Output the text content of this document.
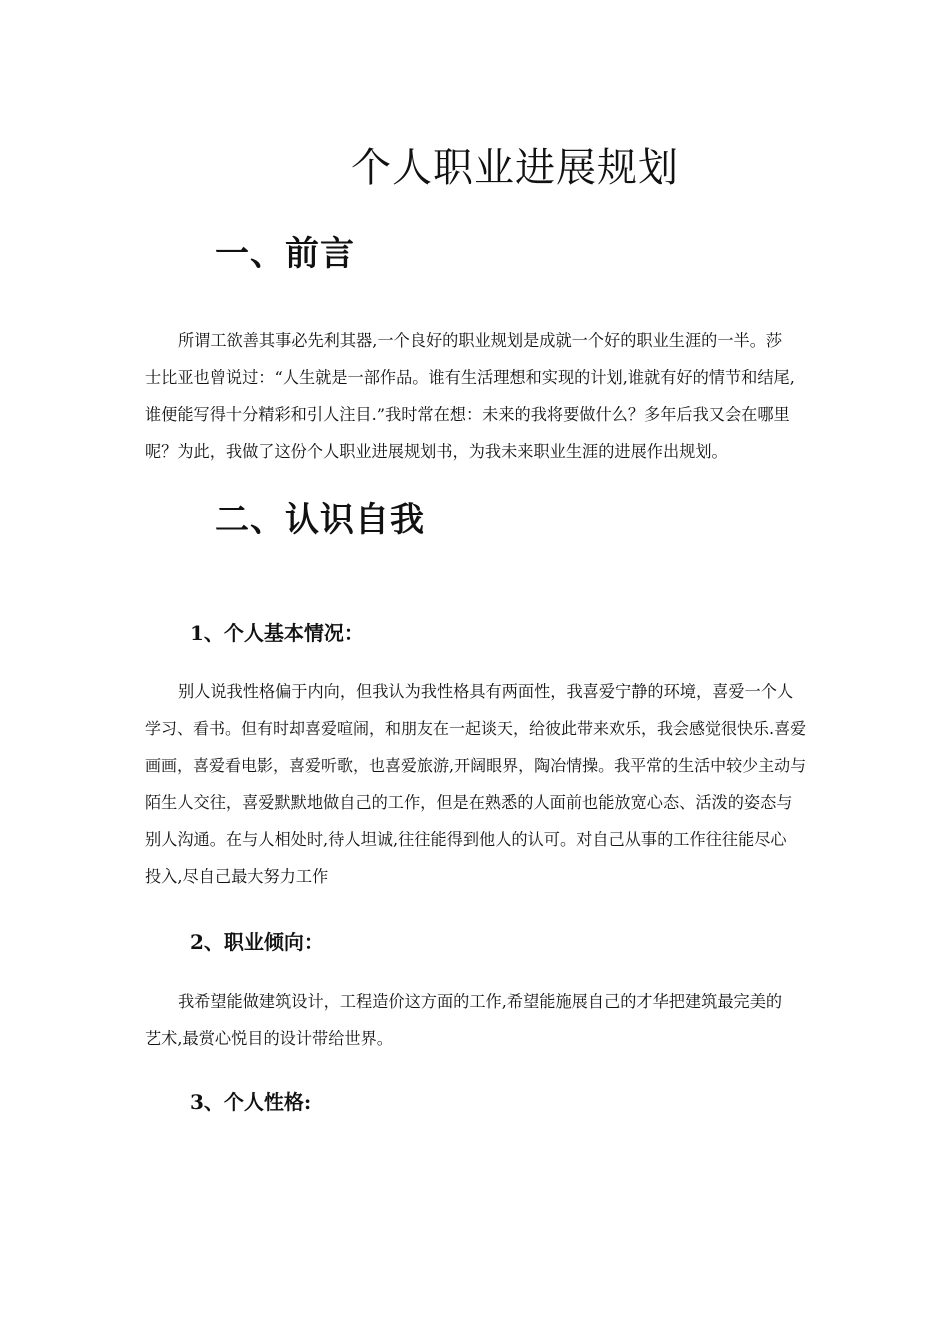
个人职业进展规划
一、前言
所谓工欲善其事必先利其器,一个良好的职业规划是成就一个好的职业生涯的一半。莎
士比亚也曾说过：“人生就是一部作品。谁有生活理想和实现的计划,谁就有好的情节和结尾,
谁便能写得十分精彩和引人注目.”我时常在想：未来的我将要做什么？多年后我又会在哪里
呢？为此，我做了这份个人职业进展规划书，为我未来职业生涯的进展作出规划。
二、认识自我
1、个人基本情况：
别人说我性格偏于内向，但我认为我性格具有两面性，我喜爱宁静的环境，喜爱一个人
学习、看书。但有时却喜爱喧闹，和朋友在一起谈天，给彼此带来欢乐，我会感觉很快乐.喜爱
画画，喜爱看电影，喜爱听歌，也喜爱旅游,开阔眼界，陶冶情操。我平常的生活中较少主动与
陌生人交往，喜爱默默地做自己的工作，但是在熟悉的人面前也能放宽心态、活泼的姿态与
别人沟通。在与人相处时,待人坦诚,往往能得到他人的认可。对自己从事的工作往往能尽心
投入,尽自己最大努力工作
2、职业倾向：
我希望能做建筑设计，工程造价这方面的工作,希望能施展自己的才华把建筑最完美的
艺术,最赏心悦目的设计带给世界。
3、个人性格:
